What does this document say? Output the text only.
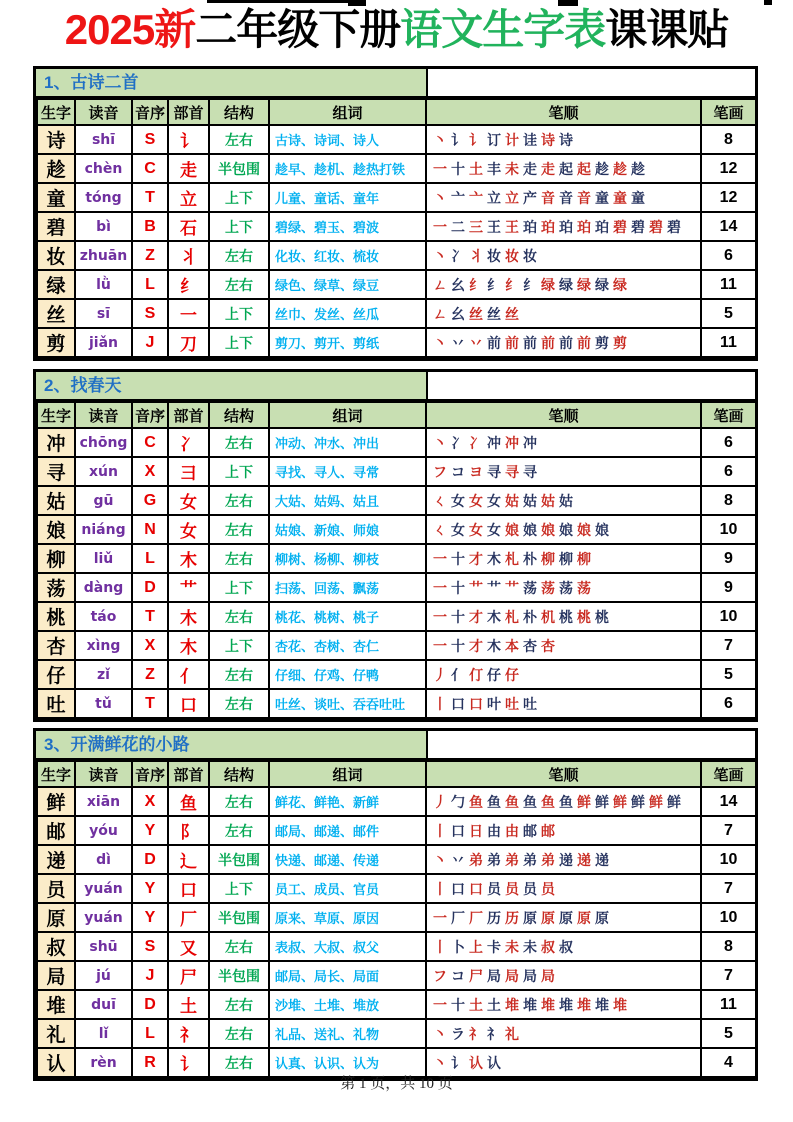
2025新二年级下册语文生字表课课贴
1、古诗二首
生字	读音	音序	部首	结构	组词	笔顺	笔画
诗	shī	S	讠	左右	古诗、诗词、诗人	丶 讠 讠 订 计 诖 诗 诗	8
趁	chèn	C	走	半包围	趁早、趁机、趁热打铁	一 十 土 丰 未 走 走 起 起 趁 趁 趁	12
童	tóng	T	立	上下	儿童、童话、童年	丶 亠 亠 立 立 产 音 音 音 童 童 童	12
碧	bì	B	石	上下	碧绿、碧玉、碧波	一 二 三 王 王 珀 珀 珀 珀 珀 碧 碧 碧 碧	14
妆	zhuān	Z	丬	左右	化妆、红妆、梳妆	丶 冫 丬 妆 妆 妆	6
绿	lǜ	L	纟	左右	绿色、绿草、绿豆	ㄥ 幺 纟 纟 纟 纟 绿 绿 绿 绿 绿	11
丝	sī	S	一	上下	丝巾、发丝、丝瓜	ㄥ 幺 丝 丝 丝	5
剪	jiǎn	J	刀	上下	剪刀、剪开、剪纸	丶 丷 丷 前 前 前 前 前 前 剪 剪	11
2、找春天
生字	读音	音序	部首	结构	组词	笔顺	笔画
冲	chōng	C	冫	左右	冲动、冲水、冲出	丶 冫 冫 冲 冲 冲	6
寻	xún	X	彐	上下	寻找、寻人、寻常	フ コ ヨ 寻 寻 寻	6
姑	gū	G	女	左右	大姑、姑妈、姑且	ㄑ 女 女 女 姑 姑 姑 姑	8
娘	niáng	N	女	左右	姑娘、新娘、师娘	ㄑ 女 女 女 娘 娘 娘 娘 娘 娘	10
柳	liǔ	L	木	左右	柳树、杨柳、柳枝	一 十 才 木 札 朴 柳 柳 柳	9
荡	dàng	D	艹	上下	扫荡、回荡、飘荡	一 十 艹 艹 艹 荡 荡 荡 荡	9
桃	táo	T	木	左右	桃花、桃树、桃子	一 十 才 木 札 朴 机 桃 桃 桃	10
杏	xìng	X	木	上下	杏花、杏树、杏仁	一 十 才 木 本 杏 杏	7
仔	zǐ	Z	亻	左右	仔细、仔鸡、仔鸭	丿 亻 仃 仔 仔	5
吐	tǔ	T	口	左右	吐丝、谈吐、吞吞吐吐	丨 口 口 叶 吐 吐	6
3、开满鲜花的小路
生字	读音	音序	部首	结构	组词	笔顺	笔画
鲜	xiān	X	鱼	左右	鲜花、鲜艳、新鲜	丿 勹 鱼 鱼 鱼 鱼 鱼 鱼 鲜 鲜 鲜 鲜 鲜 鲜	14
邮	yóu	Y	阝	左右	邮局、邮递、邮件	丨 口 日 由 由 邮 邮	7
递	dì	D	辶	半包围	快递、邮递、传递	丶 丷 弟 弟 弟 弟 弟 递 递 递	10
员	yuán	Y	口	上下	员工、成员、官员	丨 口 口 员 员 员 员	7
原	yuán	Y	厂	半包围	原来、草原、原因	一 厂 厂 历 历 原 原 原 原 原	10
叔	shū	S	又	左右	表叔、大叔、叔父	丨 卜 上 卡 未 未 叔 叔	8
局	jú	J	尸	半包围	邮局、局长、局面	フ コ 尸 局 局 局 局	7
堆	duī	D	土	左右	沙堆、土堆、堆放	一 十 土 土 堆 堆 堆 堆 堆 堆 堆	11
礼	lǐ	L	礻	左右	礼品、送礼、礼物	丶 ラ 礻 礻 礼	5
认	rèn	R	讠	左右	认真、认识、认为	丶 讠 认 认	4
第 1 页，共 10 页
